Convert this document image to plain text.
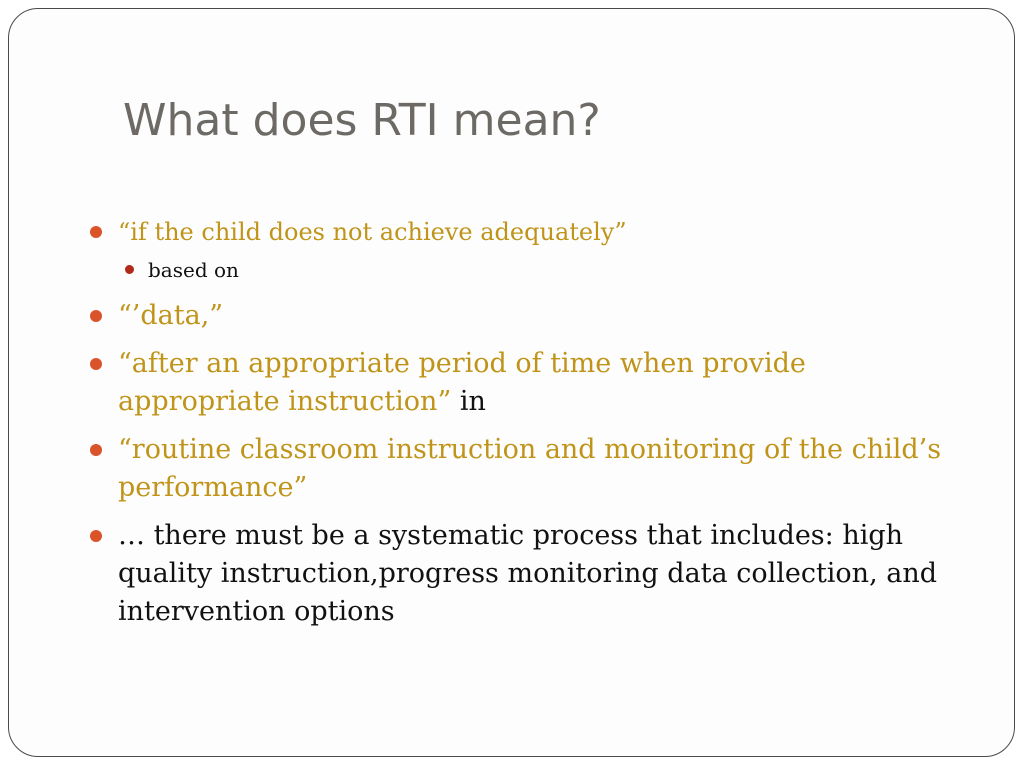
What does RTI mean?
“if the child does not achieve adequately”
based on
“’data,”
“after an appropriate period of time when provide appropriate instruction” in
“routine classroom instruction and monitoring of the child’s performance”
… there must be a systematic process that includes: high quality instruction,progress monitoring data collection, and intervention options
